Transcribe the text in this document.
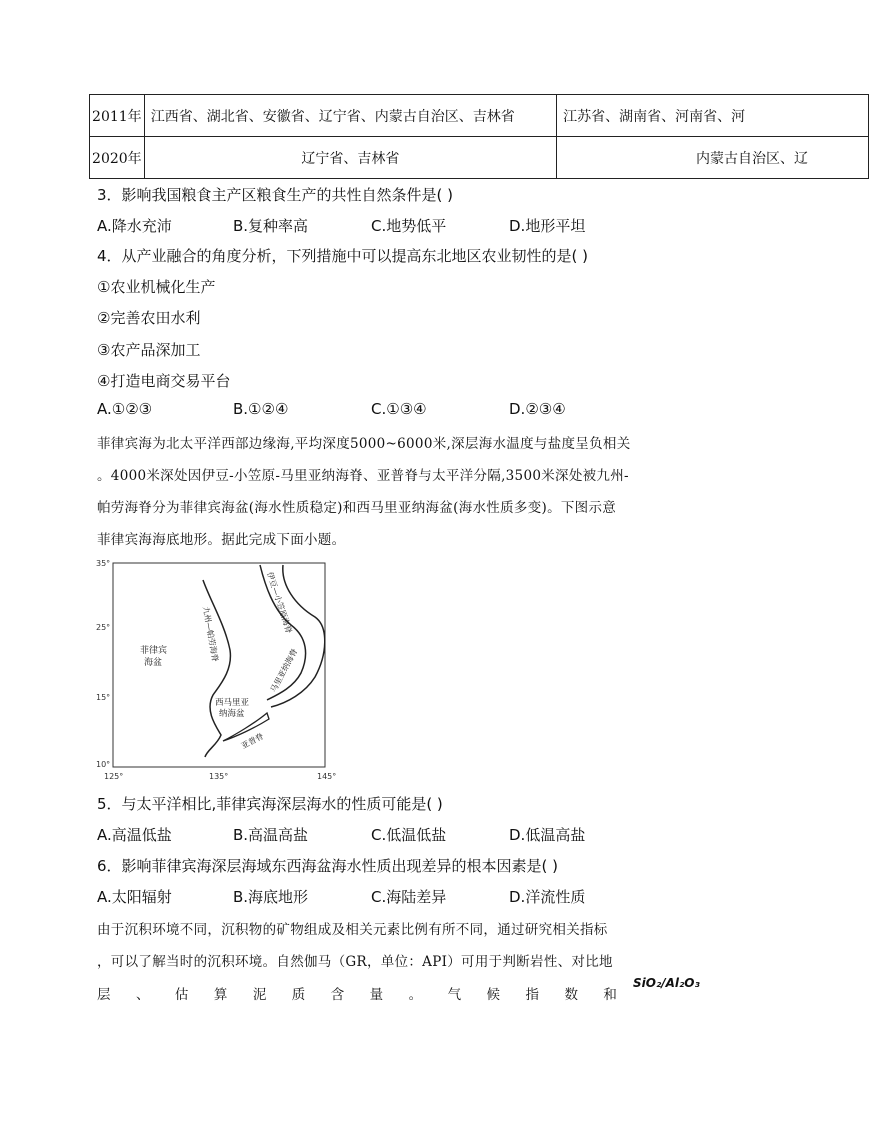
2011年	江西省、湖北省、安徽省、辽宁省、内蒙古自治区、吉林省	江苏省、湖南省、河南省、河
2020年	辽宁省、吉林省	内蒙古自治区、辽
3．影响我国粮食主产区粮食生产的共性自然条件是( )
A.降水充沛	B.复种率高	C.地势低平	D.地形平坦
4．从产业融合的角度分析，下列措施中可以提高东北地区农业韧性的是( )
①农业机械化生产
②完善农田水利
③农产品深加工
④打造电商交易平台
A.①②③	B.①②④	C.①③④	D.②③④
菲律宾海为北太平洋西部边缘海,平均深度5000~6000米,深层海水温度与盐度呈负相关
。4000米深处因伊豆-小笠原-马里亚纳海脊、亚普脊与太平洋分隔,3500米深处被九州-
帕劳海脊分为菲律宾海盆(海水性质稳定)和西马里亚纳海盆(海水性质多变)。下图示意
菲律宾海海底地形。据此完成下面小题。
35°
25°
15°
10°
125°	135°	145°
菲律宾
海盆
九州—帕劳海脊	伊豆—小笠原海脊
马里亚纳海脊
西马里亚
纳海盆
亚普脊
5．与太平洋相比,菲律宾海深层海水的性质可能是( )
A.高温低盐	B.高温高盐	C.低温低盐	D.低温高盐
6．影响菲律宾海深层海域东西海盆海水性质出现差异的根本因素是( )
A.太阳辐射	B.海底地形	C.海陆差异	D.洋流性质
由于沉积环境不同，沉积物的矿物组成及相关元素比例有所不同，通过研究相关指标
，可以了解当时的沉积环境。自然伽马（GR，单位：API）可用于判断岩性、对比地
层 、 估 算 泥 质 含 量 。 气 候 指 数 和
SiO₂/Al₂O₃
